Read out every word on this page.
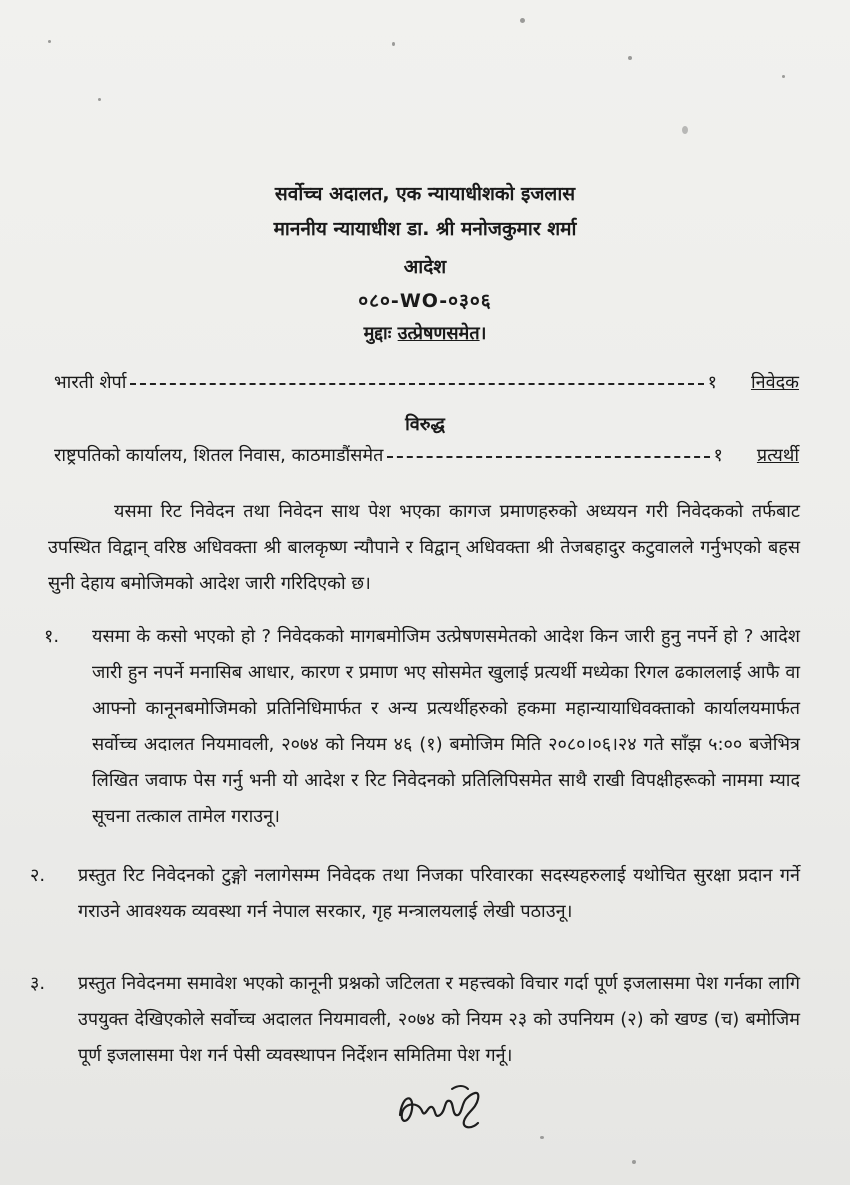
सर्वोच्च अदालत, एक न्यायाधीशको इजलास
माननीय न्यायाधीश डा. श्री मनोजकुमार शर्मा
आदेश
०८०-WO-०३०६
मुद्दाः उत्प्रेषणसमेत।
भारती शेर्पा	१ निवेदक
विरुद्ध
राष्ट्रपतिको कार्यालय, शितल निवास, काठमाडौंसमेत	१ प्रत्यर्थी
यसमा रिट निवेदन तथा निवेदन साथ पेश भएका कागज प्रमाणहरुको अध्ययन गरी निवेदकको तर्फबाट उपस्थित विद्वान् वरिष्ठ अधिवक्ता श्री बालकृष्ण न्यौपाने र विद्वान् अधिवक्ता श्री तेजबहादुर कटुवालले गर्नुभएको बहस सुनी देहाय बमोजिमको आदेश जारी गरिदिएको छ।
१.	यसमा के कसो भएको हो ? निवेदकको मागबमोजिम उत्प्रेषणसमेतको आदेश किन जारी हुनु नपर्ने हो ? आदेश जारी हुन नपर्ने मनासिब आधार, कारण र प्रमाण भए सोसमेत खुलाई प्रत्यर्थी मध्येका रिगल ढकाललाई आफै वा आफ्नो कानूनबमोजिमको प्रतिनिधिमार्फत र अन्य प्रत्यर्थीहरुको हकमा महान्यायाधिवक्ताको कार्यालयमार्फत सर्वोच्च अदालत नियमावली, २०७४ को नियम ४६ (१) बमोजिम मिति २०८०।०६।२४ गते साँझ ५:०० बजेभित्र लिखित जवाफ पेस गर्नु भनी यो आदेश र रिट निवेदनको प्रतिलिपिसमेत साथै राखी विपक्षीहरूको नाममा म्याद सूचना तत्काल तामेल गराउनू।
२.	प्रस्तुत रिट निवेदनको टुङ्गो नलागेसम्म निवेदक तथा निजका परिवारका सदस्यहरुलाई यथोचित सुरक्षा प्रदान गर्ने गराउने आवश्यक व्यवस्था गर्न नेपाल सरकार, गृह मन्त्रालयलाई लेखी पठाउनू।
३.	प्रस्तुत निवेदनमा समावेश भएको कानूनी प्रश्नको जटिलता र महत्त्वको विचार गर्दा पूर्ण इजलासमा पेश गर्नका लागि उपयुक्त देखिएकोले सर्वोच्च अदालत नियमावली, २०७४ को नियम २३ को उपनियम (२) को खण्ड (च) बमोजिम पूर्ण इजलासमा पेश गर्न पेसी व्यवस्थापन निर्देशन समितिमा पेश गर्नू।
